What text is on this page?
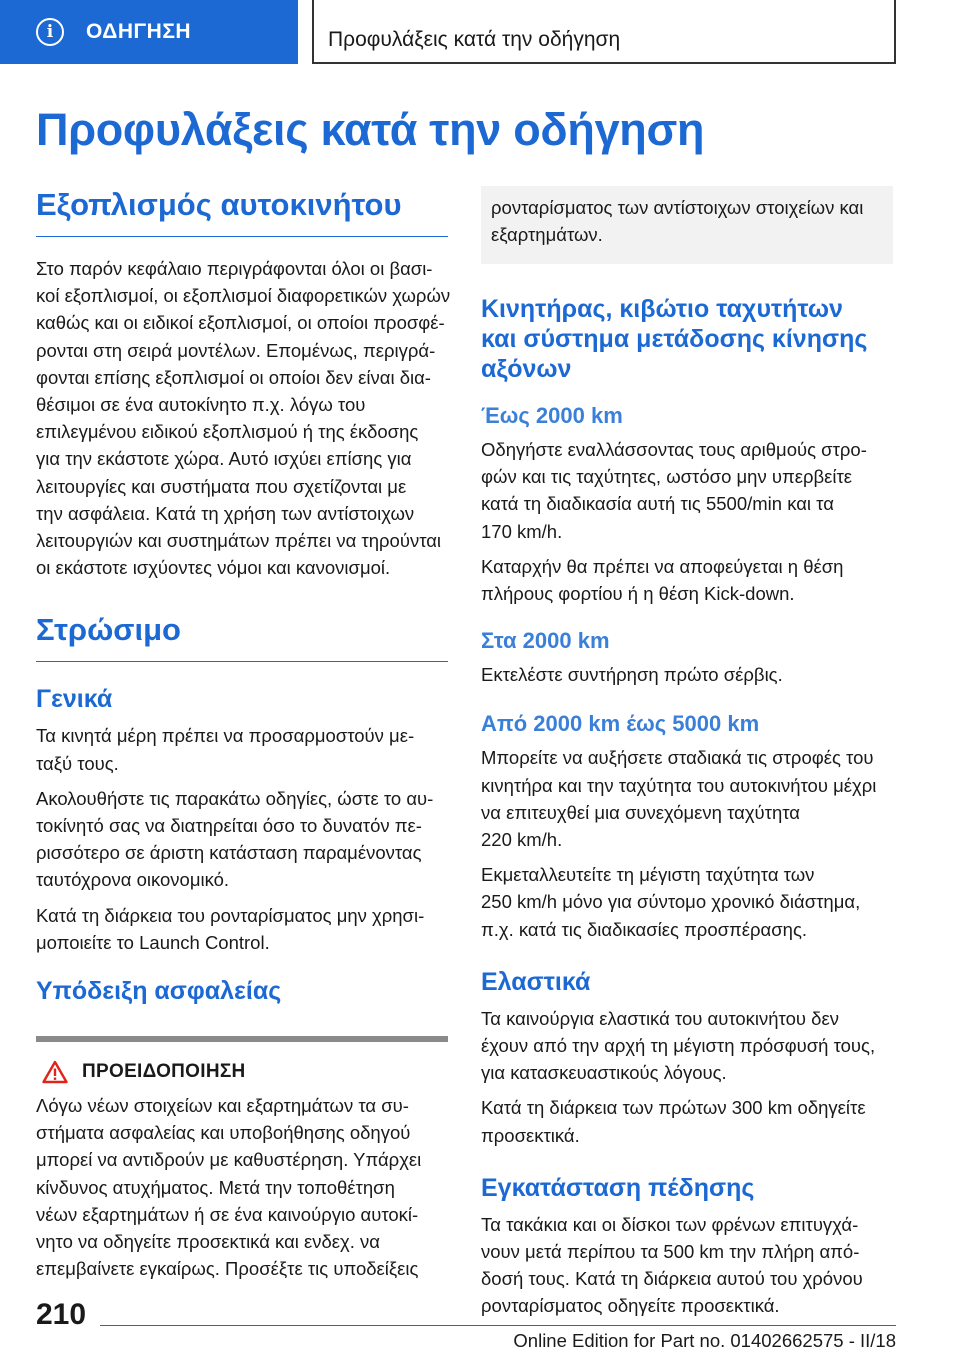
i	ΟΔΗΓΗΣΗ	Προφυλάξεις κατά την οδήγηση
Προφυλάξεις κατά την οδήγηση
Εξοπλισμός αυτοκινήτου
Στο παρόν κεφάλαιο περιγράφονται όλοι οι βασι-
κοί εξοπλισμοί, οι εξοπλισμοί διαφορετικών χωρών
καθώς και οι ειδικοί εξοπλισμοί, οι οποίοι προσφέ-
ρονται στη σειρά μοντέλων. Επομένως, περιγρά-
φονται επίσης εξοπλισμοί οι οποίοι δεν είναι δια-
θέσιμοι σε ένα αυτοκίνητο π.χ. λόγω του
επιλεγμένου ειδικού εξοπλισμού ή της έκδοσης
για την εκάστοτε χώρα. Αυτό ισχύει επίσης για
λειτουργίες και συστήματα που σχετίζονται με
την ασφάλεια. Κατά τη χρήση των αντίστοιχων
λειτουργιών και συστημάτων πρέπει να τηρούνται
οι εκάστοτε ισχύοντες νόμοι και κανονισμοί.
Στρώσιμο
Γενικά
Τα κινητά μέρη πρέπει να προσαρμοστούν με-
ταξύ τους.
Ακολουθήστε τις παρακάτω οδηγίες, ώστε το αυ-
τοκίνητό σας να διατηρείται όσο το δυνατόν πε-
ρισσότερο σε άριστη κατάσταση παραμένοντας
ταυτόχρονα οικονομικό.
Κατά τη διάρκεια του ρονταρίσματος μην χρησι-
μοποιείτε το Launch Control.
Υπόδειξη ασφαλείας
ΠΡΟΕΙΔΟΠΟΙΗΣΗ
Λόγω νέων στοιχείων και εξαρτημάτων τα συ-
στήματα ασφαλείας και υποβοήθησης οδηγού
μπορεί να αντιδρούν με καθυστέρηση. Υπάρχει
κίνδυνος ατυχήματος. Μετά την τοποθέτηση
νέων εξαρτημάτων ή σε ένα καινούργιο αυτοκί-
νητο να οδηγείτε προσεκτικά και ενδεχ. να
επεμβαίνετε εγκαίρως. Προσέξτε τις υποδείξεις
ρονταρίσματος των αντίστοιχων στοιχείων και
εξαρτημάτων.
Κινητήρας, κιβώτιο ταχυτήτων
και σύστημα μετάδοσης κίνησης
αξόνων
Έως 2000 km
Οδηγήστε εναλλάσσοντας τους αριθμούς στρο-
φών και τις ταχύτητες, ωστόσο μην υπερβείτε
κατά τη διαδικασία αυτή τις 5500/min και τα
170 km/h.
Καταρχήν θα πρέπει να αποφεύγεται η θέση
πλήρους φορτίου ή η θέση Kick-down.
Στα 2000 km
Εκτελέστε συντήρηση πρώτο σέρβις.
Από 2000 km έως 5000 km
Μπορείτε να αυξήσετε σταδιακά τις στροφές του
κινητήρα και την ταχύτητα του αυτοκινήτου μέχρι
να επιτευχθεί μια συνεχόμενη ταχύτητα
220 km/h.
Εκμεταλλευτείτε τη μέγιστη ταχύτητα των
250 km/h μόνο για σύντομο χρονικό διάστημα,
π.χ. κατά τις διαδικασίες προσπέρασης.
Ελαστικά
Τα καινούργια ελαστικά του αυτοκινήτου δεν
έχουν από την αρχή τη μέγιστη πρόσφυσή τους,
για κατασκευαστικούς λόγους.
Κατά τη διάρκεια των πρώτων 300 km οδηγείτε
προσεκτικά.
Εγκατάσταση πέδησης
Τα τακάκια και οι δίσκοι των φρένων επιτυγχά-
νουν μετά περίπου τα 500 km την πλήρη από-
δοσή τους. Κατά τη διάρκεια αυτού του χρόνου
ρονταρίσματος οδηγείτε προσεκτικά.
210
Online Edition for Part no. 01402662575 - II/18
